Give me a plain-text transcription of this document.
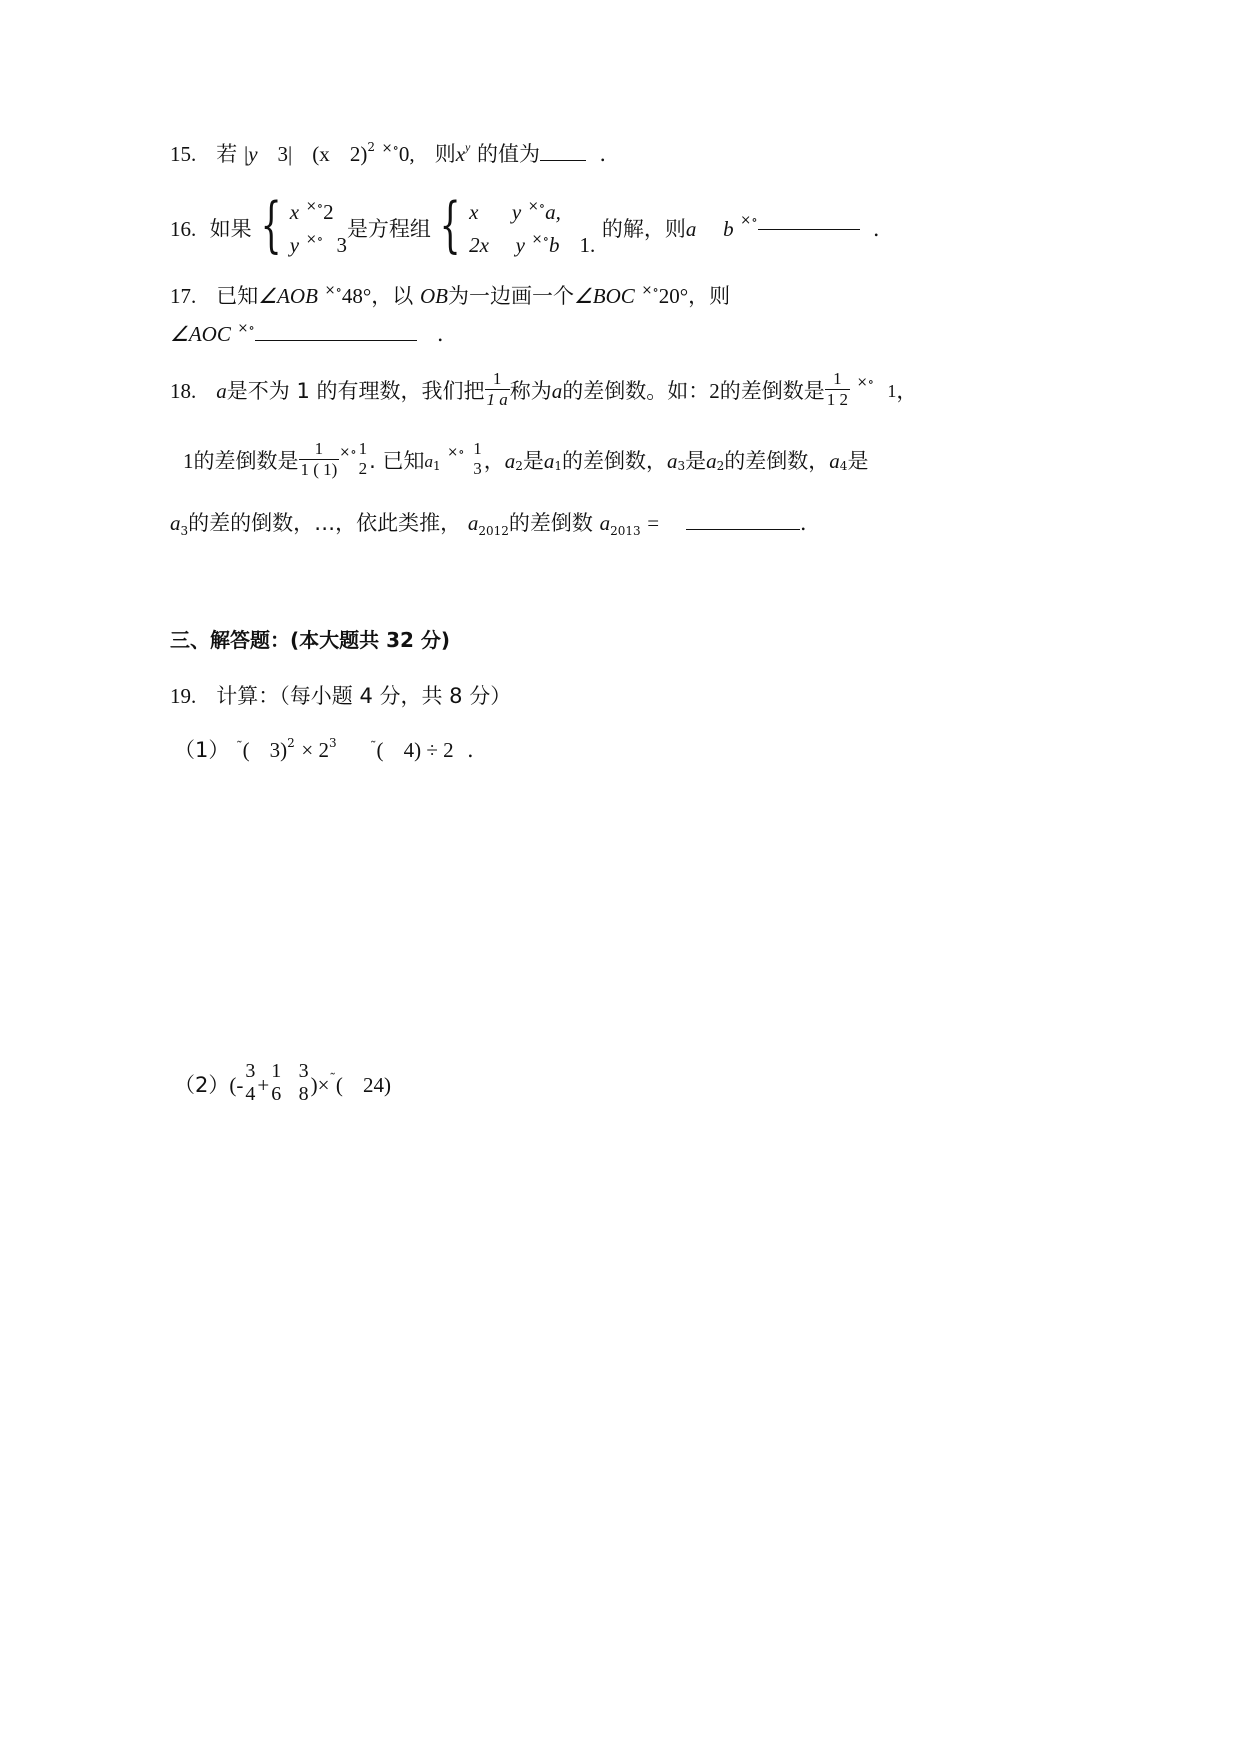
15. 若 |y 3| (x 2)$^2$ ×∘0, 则$x^y$ 的值为	.
16.
如果 { x ×∘2
y ×∘ 3
是方程组 { x y ×∘a,
2x y ×∘b 1.

的解，则 a
b
×∘
	.
17. 已知∠AOB ×∘48°，以 OB为一边画一个∠BOC ×∘20°，则
∠AOC ×∘	.
18.
a 是不为 1 的有理数，我们把 $\frac{1}{1 a}$ 称为 a 的差倒数。如： 2 的差倒数是 $\frac{1}{1 2}$
×∘
1 ，
1 的差倒数是 $\frac{1}{1 ( 1)}$ ×∘ 1
2 . 已知 a 1

×∘
1
3 ， a 2 是 a 1 的差倒数， a 3 是 a 2 的差倒数， a 4 是
$a_3$的差的倒数，…，依此类推， $a_{2012}$的差倒数 $a_{2013}$ =	.
三、解答题：(本大题共 32 分)
19. 计算：（每小题 4 分，共 8 分）
（1） ˜( $3)^2 \times 2^3$	˜( 4) ÷ 2 .
（2） (-
3
4 +
1
6

3
8 )× ˜ (
24)
